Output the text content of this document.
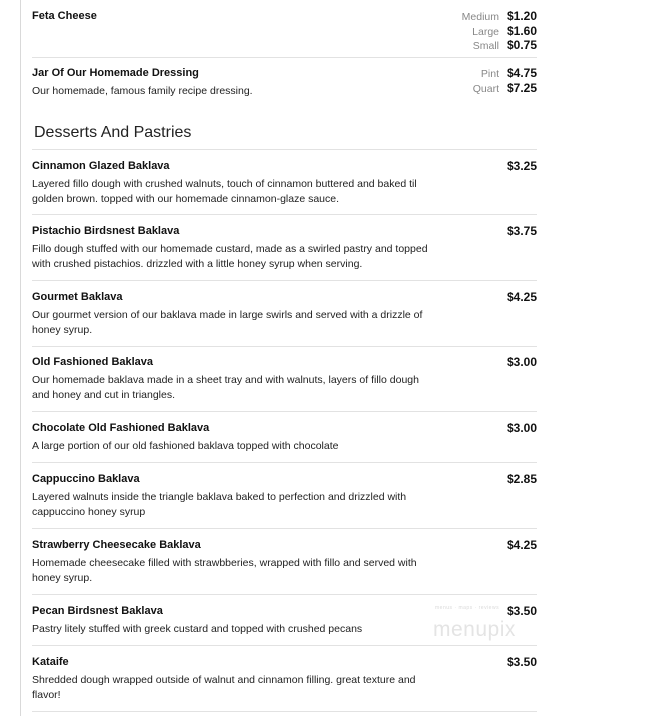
Feta Cheese	Medium $1.20
Large $1.60
Small $0.75
Jar Of Our Homemade Dressing
Our homemade, famous family recipe dressing.
Pint $4.75
Quart $7.25
Desserts And Pastries
Cinnamon Glazed Baklava	$3.25
Layered fillo dough with crushed walnuts, touch of cinnamon buttered and baked til golden brown. topped with our homemade cinnamon-glaze sauce.
Pistachio Birdsnest Baklava	$3.75
Fillo dough stuffed with our homemade custard, made as a swirled pastry and topped with crushed pistachios. drizzled with a little honey syrup when serving.
Gourmet Baklava	$4.25
Our gourmet version of our baklava made in large swirls and served with a drizzle of honey syrup.
Old Fashioned Baklava	$3.00
Our homemade baklava made in a sheet tray and with walnuts, layers of fillo dough and honey and cut in triangles.
Chocolate Old Fashioned Baklava	$3.00
A large portion of our old fashioned baklava topped with chocolate
Cappuccino Baklava	$2.85
Layered walnuts inside the triangle baklava baked to perfection and drizzled with cappuccino honey syrup
Strawberry Cheesecake Baklava	$4.25
Homemade cheesecake filled with strawbberies, wrapped with fillo and served with honey syrup.
Pecan Birdsnest Baklava	$3.50
Pastry litely stuffed with greek custard and topped with crushed pecans
Kataife	$3.50
Shredded dough wrapped outside of walnut and cinnamon filling. great texture and flavor!
menus · maps · reviews
menupix
